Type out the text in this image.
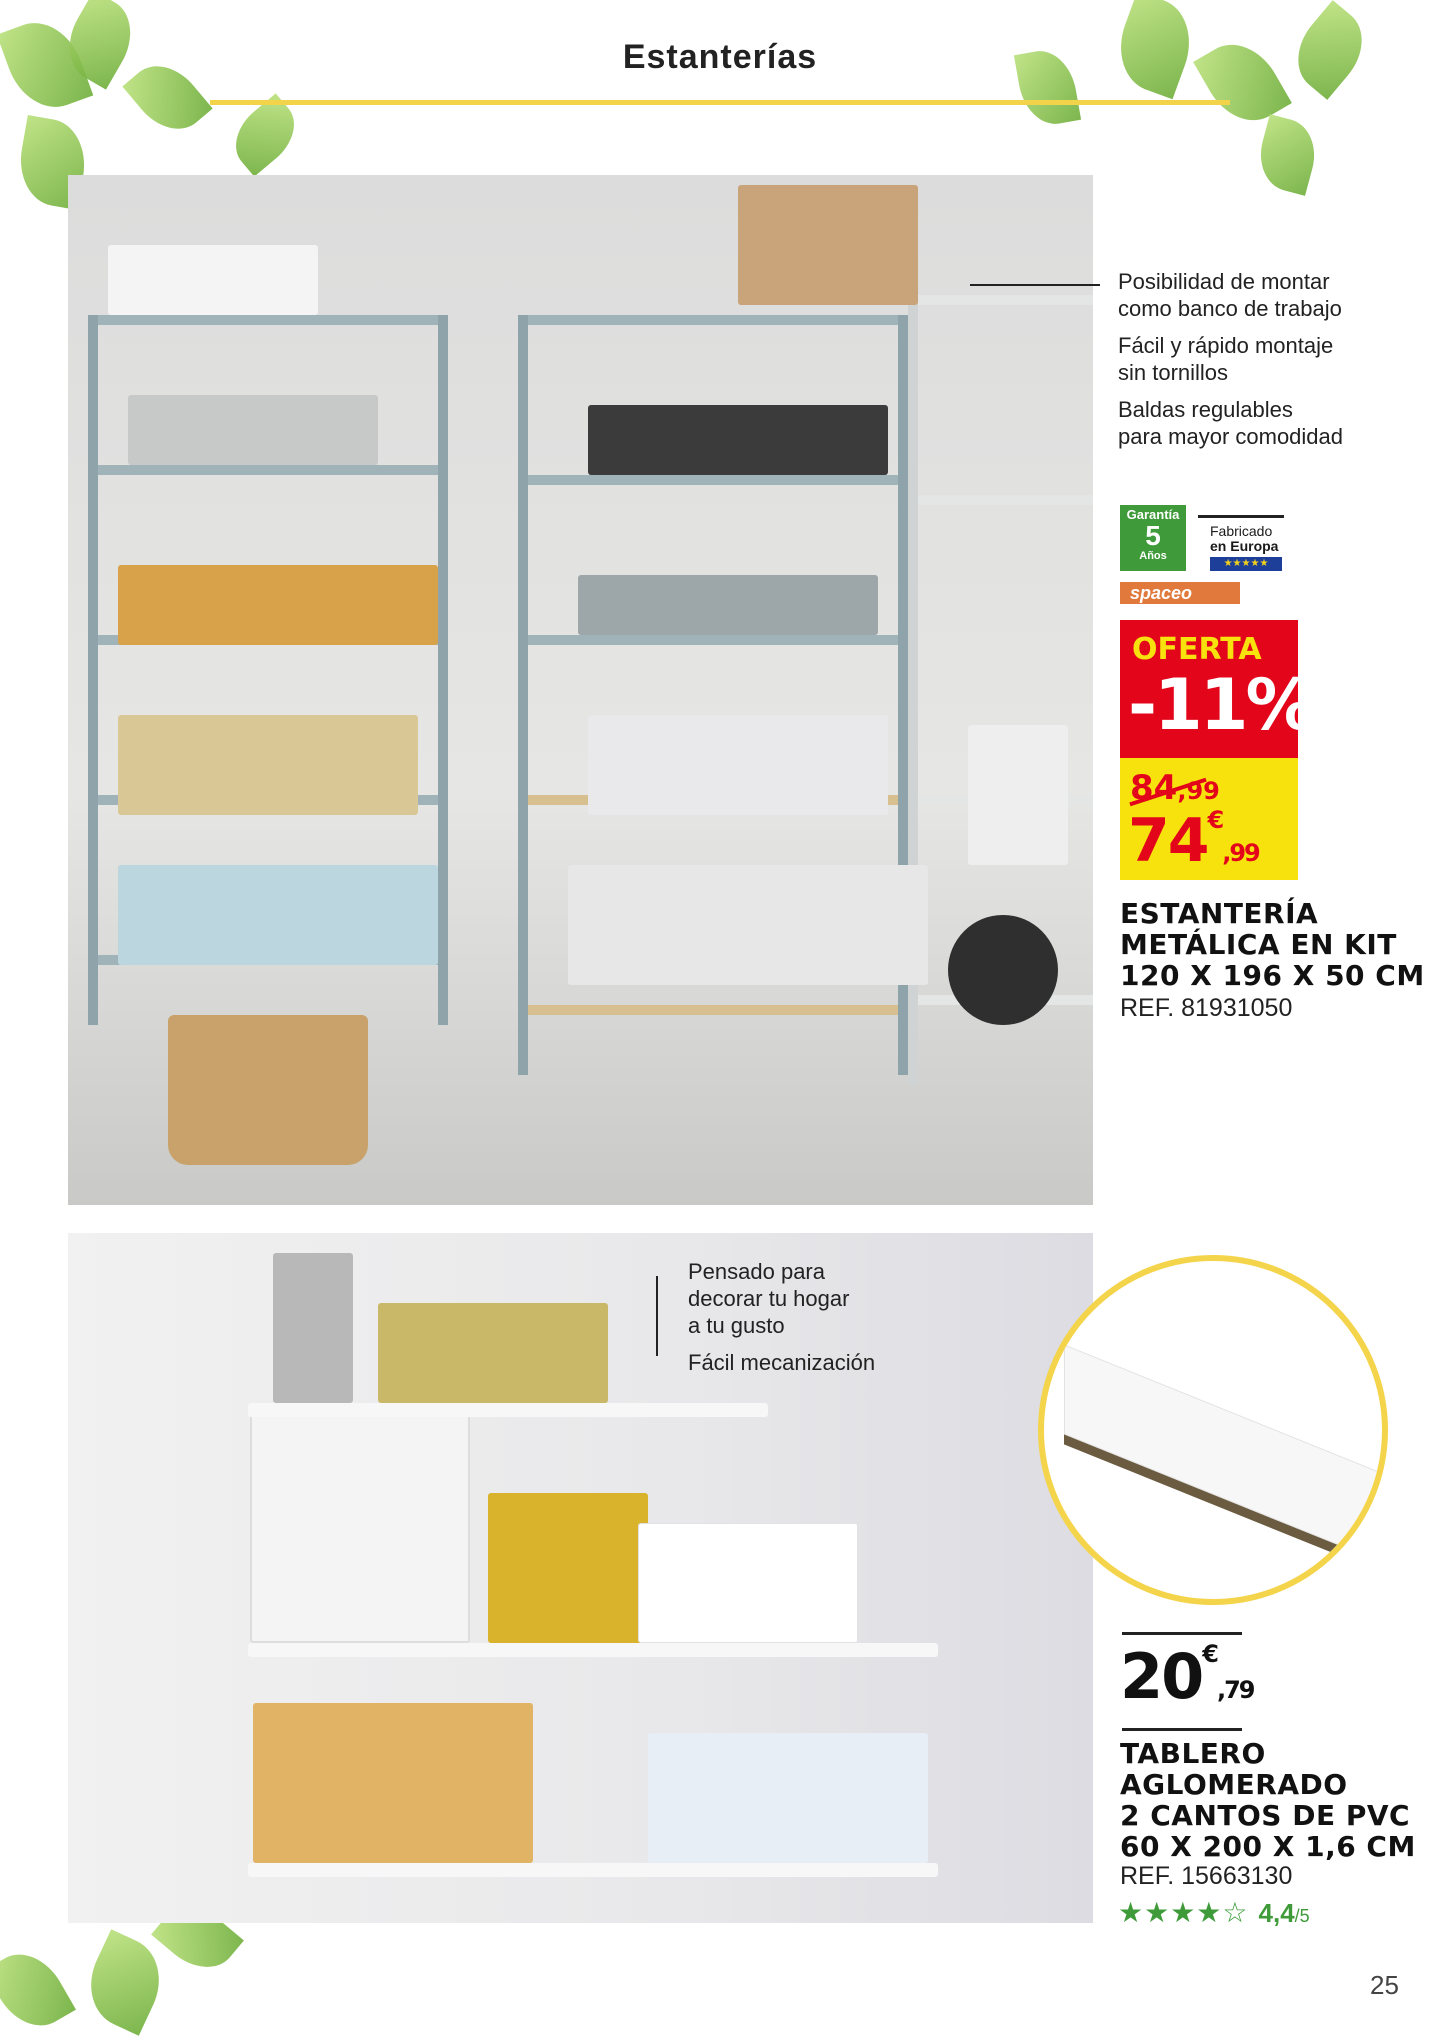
Estanterías
Posibilidad de montar
como banco de trabajo
Fácil y rápido montaje
sin tornillos
Baldas regulables
para mayor comodidad
Garantía
5
Años
Fabricado
en Europa
★★★★★
spaceo
OFERTA
-11%
84,99
74€,99
ESTANTERÍA
METÁLICA EN KIT
120 X 196 X 50 CM
REF. 81931050
Pensado para
decorar tu hogar
a tu gusto
Fácil mecanización
20€,79
TABLERO
AGLOMERADO
2 CANTOS DE PVC
60 X 200 X 1,6 CM
REF. 15663130
★★★★☆ 4,4/5
25
